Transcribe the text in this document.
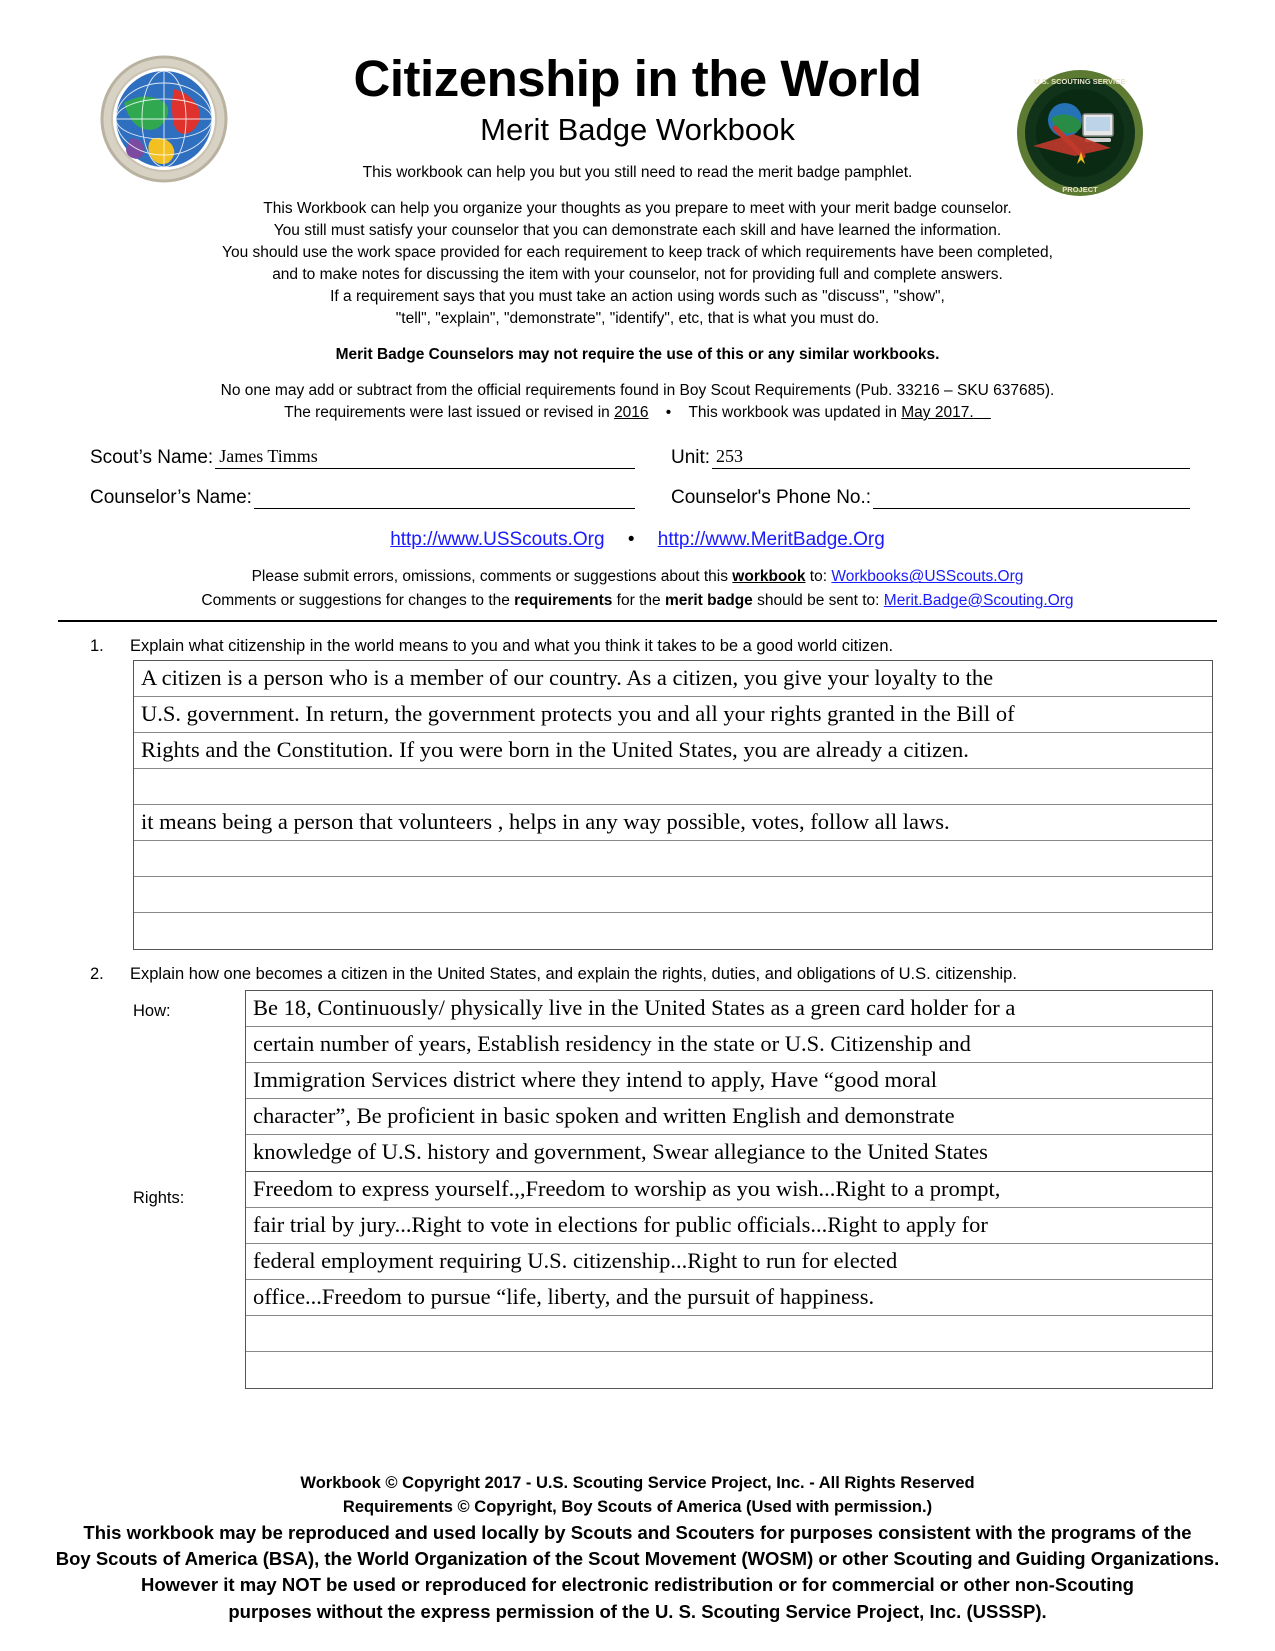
U.S. SCOUTING SERVICE
PROJECT
Citizenship in the World
Merit Badge Workbook
This workbook can help you but you still need to read the merit badge pamphlet.
This Workbook can help you organize your thoughts as you prepare to meet with your merit badge counselor.
You still must satisfy your counselor that you can demonstrate each skill and have learned the information.
You should use the work space provided for each requirement to keep track of which requirements have been completed,
and to make notes for discussing the item with your counselor, not for providing full and complete answers.
If a requirement says that you must take an action using words such as "discuss", "show",
"tell", "explain", "demonstrate", "identify", etc, that is what you must do.
Merit Badge Counselors may not require the use of this or any similar workbooks.
No one may add or subtract from the official requirements found in Boy Scout Requirements (Pub. 33216 – SKU 637685).
The requirements were last issued or revised in 2016 • This workbook was updated in May 2017.
Scout’s Name: James Timms	Unit: 253
Counselor’s Name:	Counselor's Phone No.:
http://www.USScouts.Org • http://www.MeritBadge.Org
Please submit errors, omissions, comments or suggestions about this workbook to: Workbooks@USScouts.Org
Comments or suggestions for changes to the requirements for the merit badge should be sent to: Merit.Badge@Scouting.Org
1.	Explain what citizenship in the world means to you and what you think it takes to be a good world citizen.
A citizen is a person who is a member of our country. As a citizen, you give your loyalty to the
U.S. government. In return, the government protects you and all your rights granted in the Bill of
Rights and the Constitution. If you were born in the United States, you are already a citizen.
it means being a person that volunteers , helps in any way possible, votes, follow all laws.
2.	Explain how one becomes a citizen in the United States, and explain the rights, duties, and obligations of U.S. citizenship.
How:	Be 18, Continuously/ physically live in the United States as a green card holder for a
certain number of years, Establish residency in the state or U.S. Citizenship and
Immigration Services district where they intend to apply, Have “good moral
character”, Be proficient in basic spoken and written English and demonstrate
knowledge of U.S. history and government, Swear allegiance to the United States
Rights:	Freedom to express yourself.,,Freedom to worship as you wish...Right to a prompt,
fair trial by jury...Right to vote in elections for public officials...Right to apply for
federal employment requiring U.S. citizenship...Right to run for elected
office...Freedom to pursue “life, liberty, and the pursuit of happiness.
Workbook © Copyright 2017 - U.S. Scouting Service Project, Inc. - All Rights Reserved
Requirements © Copyright, Boy Scouts of America (Used with permission.)
This workbook may be reproduced and used locally by Scouts and Scouters for purposes consistent with the programs of the
Boy Scouts of America (BSA), the World Organization of the Scout Movement (WOSM) or other Scouting and Guiding Organizations.
However it may NOT be used or reproduced for electronic redistribution or for commercial or other non-Scouting
purposes without the express permission of the U. S. Scouting Service Project, Inc. (USSSP).
